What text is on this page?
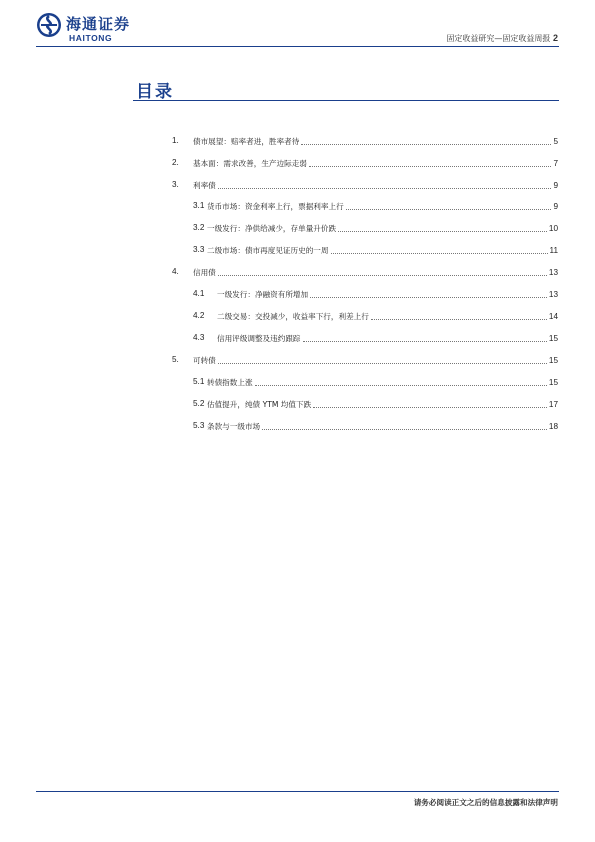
海通证券
HAITONG	固定收益研究—固定收益周报 2
目录
1. 债市展望：赔率者进，胜率者待	5
2. 基本面：需求改善，生产边际走弱	7
3. 利率债	9
3.1 货币市场：资金利率上行，票据利率上行	9
3.2 一级发行：净供给减少，存单量升价跌	10
3.3 二级市场：债市再度见证历史的一周	11
4. 信用债	13
4.1 一级发行：净融资有所增加	13
4.2 二级交易：交投减少，收益率下行，利差上行	14
4.3 信用评级调整及违约跟踪	15
5. 可转债	15
5.1 转债指数上涨	15
5.2 估值提升，纯债 YTM 均值下跌	17
5.3 条款与一级市场	18
请务必阅读正文之后的信息披露和法律声明
